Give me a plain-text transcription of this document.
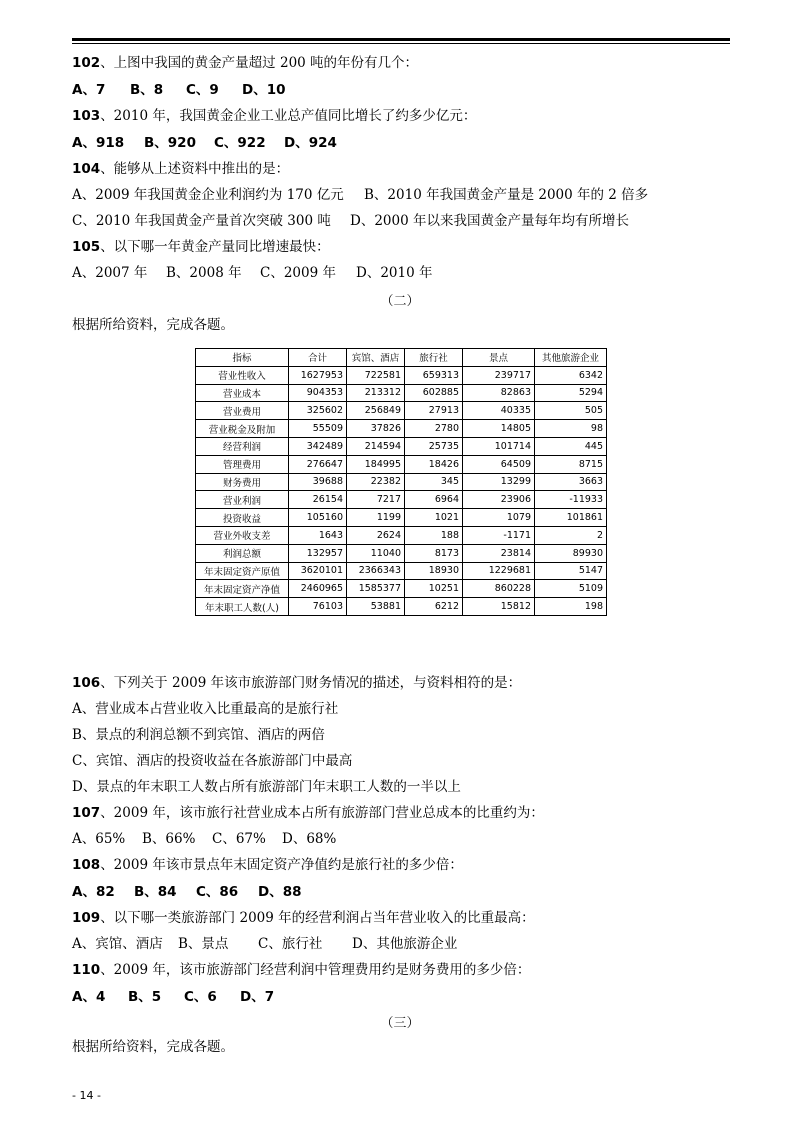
102、上图中我国的黄金产量超过 200 吨的年份有几个：
A、7 B、8 C、9 D、10
103、2010 年，我国黄金企业工业总产值同比增长了约多少亿元：
A、918 B、920 C、922 D、924
104、能够从上述资料中推出的是：
A、2009 年我国黄金企业利润约为 170 亿元 B、2010 年我国黄金产量是 2000 年的 2 倍多
C、2010 年我国黄金产量首次突破 300 吨 D、2000 年以来我国黄金产量每年均有所增长
105、以下哪一年黄金产量同比增速最快：
A、2007 年 B、2008 年 C、2009 年 D、2010 年
（二）
根据所给资料，完成各题。
指标	合计	宾馆、酒店	旅行社	景点	其他旅游企业
营业性收入	1627953	722581	659313	239717	6342
营业成本	904353	213312	602885	82863	5294
营业费用	325602	256849	27913	40335	505
营业税金及附加	55509	37826	2780	14805	98
经营利润	342489	214594	25735	101714	445
管理费用	276647	184995	18426	64509	8715
财务费用	39688	22382	345	13299	3663
营业利润	26154	7217	6964	23906	-11933
投资收益	105160	1199	1021	1079	101861
营业外收支差	1643	2624	188	-1171	2
利润总额	132957	11040	8173	23814	89930
年末固定资产原值	3620101	2366343	18930	1229681	5147
年末固定资产净值	2460965	1585377	10251	860228	5109
年末职工人数(人)	76103	53881	6212	15812	198
106、下列关于 2009 年该市旅游部门财务情况的描述，与资料相符的是：
A、营业成本占营业收入比重最高的是旅行社
B、景点的利润总额不到宾馆、酒店的两倍
C、宾馆、酒店的投资收益在各旅游部门中最高
D、景点的年末职工人数占所有旅游部门年末职工人数的一半以上
107、2009 年，该市旅行社营业成本占所有旅游部门营业总成本的比重约为：
A、65% B、66% C、67% D、68%
108、2009 年该市景点年末固定资产净值约是旅行社的多少倍：
A、82 B、84 C、86 D、88
109、以下哪一类旅游部门 2009 年的经营利润占当年营业收入的比重最高：
A、宾馆、酒店 B、景点 C、旅行社 D、其他旅游企业
110、2009 年，该市旅游部门经营利润中管理费用约是财务费用的多少倍：
A、4 B、5 C、6 D、7
（三）
根据所给资料，完成各题。
- 14 -
